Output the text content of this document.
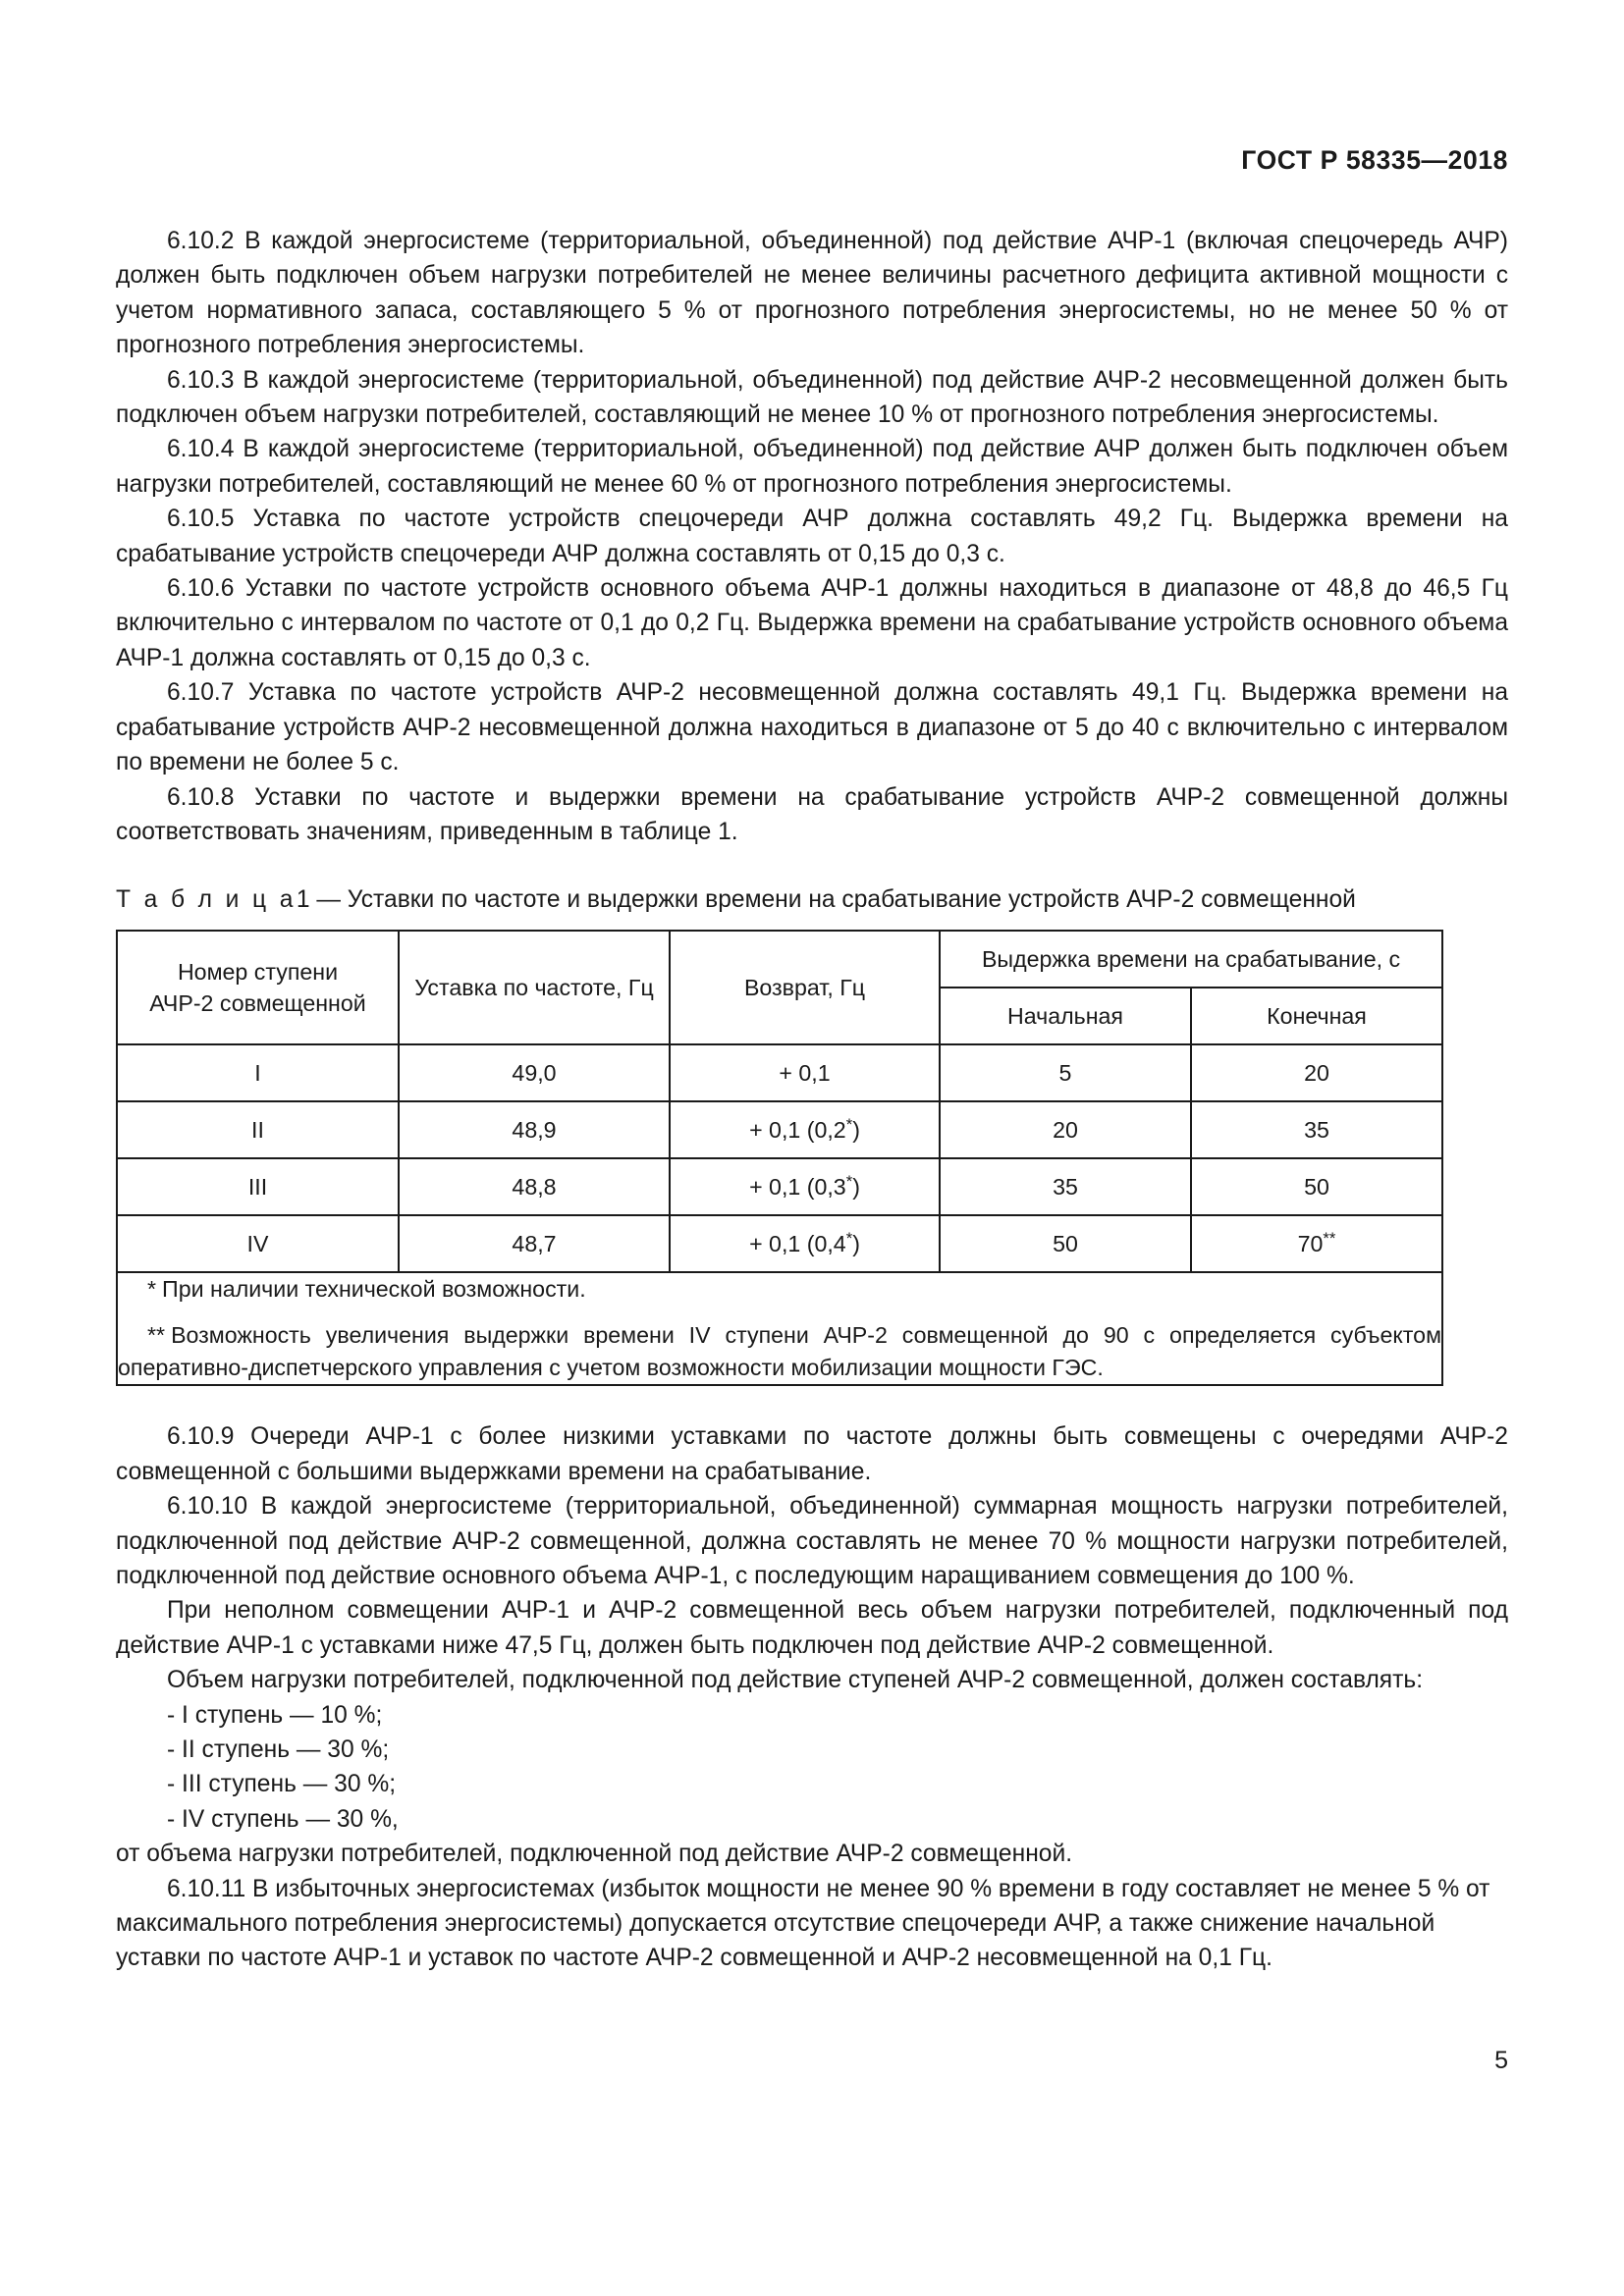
ГОСТ Р 58335—2018

6.10.2 В каждой энергосистеме (территориальной, объединенной) под действие АЧР-1 (включая спецочередь АЧР) должен быть подключен объем нагрузки потребителей не менее величины расчетного дефицита активной мощности с учетом нормативного запаса, составляющего 5 % от прогнозного потребления энергосистемы, но не менее 50 % от прогнозного потребления энергосистемы.

6.10.3 В каждой энергосистеме (территориальной, объединенной) под действие АЧР-2 несовмещенной должен быть подключен объем нагрузки потребителей, составляющий не менее 10 % от прогнозного потребления энергосистемы.

6.10.4 В каждой энергосистеме (территориальной, объединенной) под действие АЧР должен быть подключен объем нагрузки потребителей, составляющий не менее 60 % от прогнозного потребления энергосистемы.

6.10.5 Уставка по частоте устройств спецочереди АЧР должна составлять 49,2 Гц. Выдержка времени на срабатывание устройств спецочереди АЧР должна составлять от 0,15 до 0,3 с.

6.10.6 Уставки по частоте устройств основного объема АЧР-1 должны находиться в диапазоне от 48,8 до 46,5 Гц включительно с интервалом по частоте от 0,1 до 0,2 Гц. Выдержка времени на срабатывание устройств основного объема АЧР-1 должна составлять от 0,15 до 0,3 с.

6.10.7 Уставка по частоте устройств АЧР-2 несовмещенной должна составлять 49,1 Гц. Выдержка времени на срабатывание устройств АЧР-2 несовмещенной должна находиться в диапазоне от 5 до 40 с включительно с интервалом по времени не более 5 с.

6.10.8 Уставки по частоте и выдержки времени на срабатывание устройств АЧР-2 совмещенной должны соответствовать значениям, приведенным в таблице 1.

Т а б л и ц а1 — Уставки по частоте и выдержки времени на срабатывание устройств АЧР-2 совмещенной

Номер ступени
АЧР-2 совмещенной	Уставка по частоте, Гц	Возврат, Гц	Выдержка времени на срабатывание, с	

			Начальная	Конечная

I	49,0	+ 0,1	5	20
II	48,9	+ 0,1 (0,2*)	20	35
III	48,8	+ 0,1 (0,3*)	35	50
IV	48,7	+ 0,1 (0,4*)	50	70**

* При наличии технической возможности.

** Возможность увеличения выдержки времени IV ступени АЧР-2 совмещенной до 90 с определяется субъектом оперативно-диспетчерского управления с учетом возможности мобилизации мощности ГЭС.				

6.10.9 Очереди АЧР-1 с более низкими уставками по частоте должны быть совмещены с очередями АЧР-2 совмещенной с большими выдержками времени на срабатывание.

6.10.10 В каждой энергосистеме (территориальной, объединенной) суммарная мощность нагрузки потребителей, подключенной под действие АЧР-2 совмещенной, должна составлять не менее 70 % мощности нагрузки потребителей, подключенной под действие основного объема АЧР-1, с последующим наращиванием совмещения до 100 %.

При неполном совмещении АЧР-1 и АЧР-2 совмещенной весь объем нагрузки потребителей, подключенный под действие АЧР-1 с уставками ниже 47,5 Гц, должен быть подключен под действие АЧР-2 совмещенной.

Объем нагрузки потребителей, подключенной под действие ступеней АЧР-2 совмещенной, должен составлять:

- I ступень — 10 %;
- II ступень — 30 %;
- III ступень — 30 %;
- IV ступень — 30 %,

от объема нагрузки потребителей, подключенной под действие АЧР-2 совмещенной.

6.10.11 В избыточных энергосистемах (избыток мощности не менее 90 % времени в году составляет не менее 5 % от максимального потребления энергосистемы) допускается отсутствие спецочереди АЧР, а также снижение начальной уставки по частоте АЧР-1 и уставок по частоте АЧР-2 совмещенной и АЧР-2 несовмещенной на 0,1 Гц.

5
